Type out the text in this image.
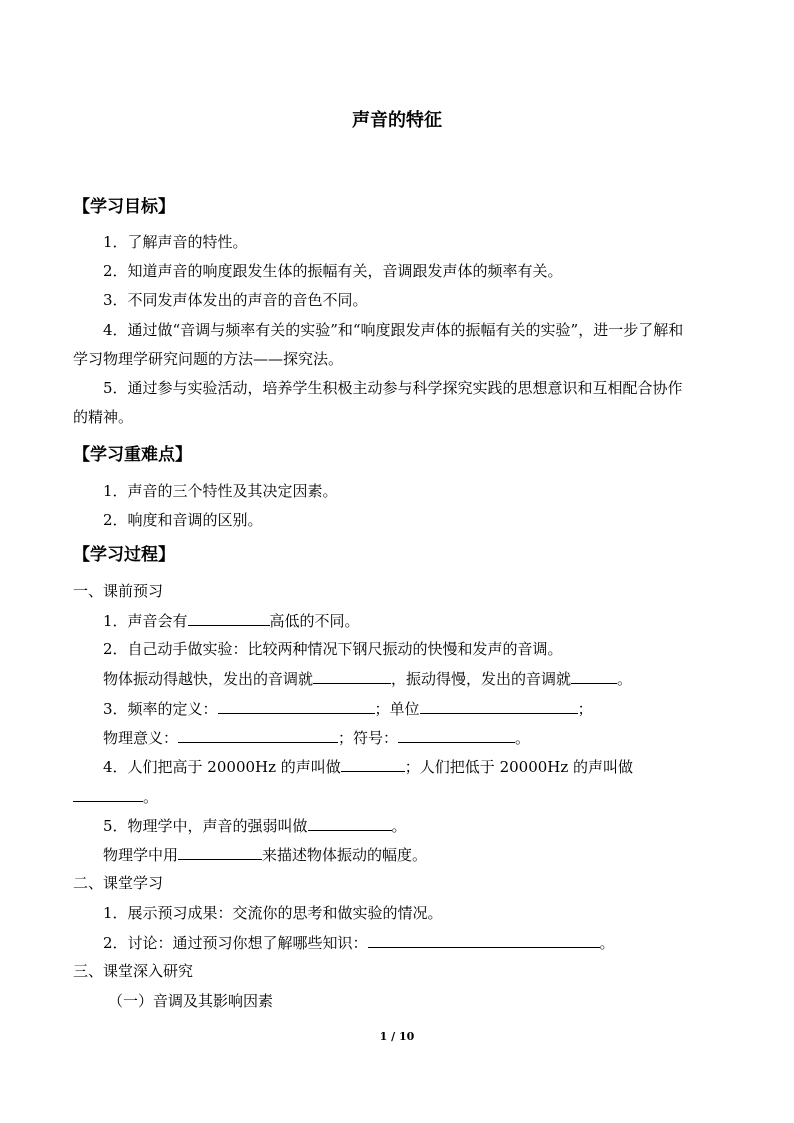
声音的特征
【学习目标】
1．了解声音的特性。
2．知道声音的响度跟发生体的振幅有关，音调跟发声体的频率有关。
3．不同发声体发出的声音的音色不同。
4．通过做“音调与频率有关的实验”和“响度跟发声体的振幅有关的实验”，进一步了解和
学习物理学研究问题的方法——探究法。
5．通过参与实验活动，培养学生积极主动参与科学探究实践的思想意识和互相配合协作
的精神。
【学习重难点】
1．声音的三个特性及其决定因素。
2．响度和音调的区别。
【学习过程】
一、课前预习
1．声音会有	高低的不同。
2．自己动手做实验：比较两种情况下钢尺振动的快慢和发声的音调。
物体振动得越快，发出的音调就	，振动得慢，发出的音调就	。
3．频率的定义：	；单位	；
物理意义：	；符号：	。
4．人们把高于 20000Hz 的声叫做	；人们把低于 20000Hz 的声叫做
。
5．物理学中，声音的强弱叫做	。
物理学中用	来描述物体振动的幅度。
二、课堂学习
1．展示预习成果：交流你的思考和做实验的情况。
2．讨论：通过预习你想了解哪些知识：	。
三、课堂深入研究
（一）音调及其影响因素
1 / 10
